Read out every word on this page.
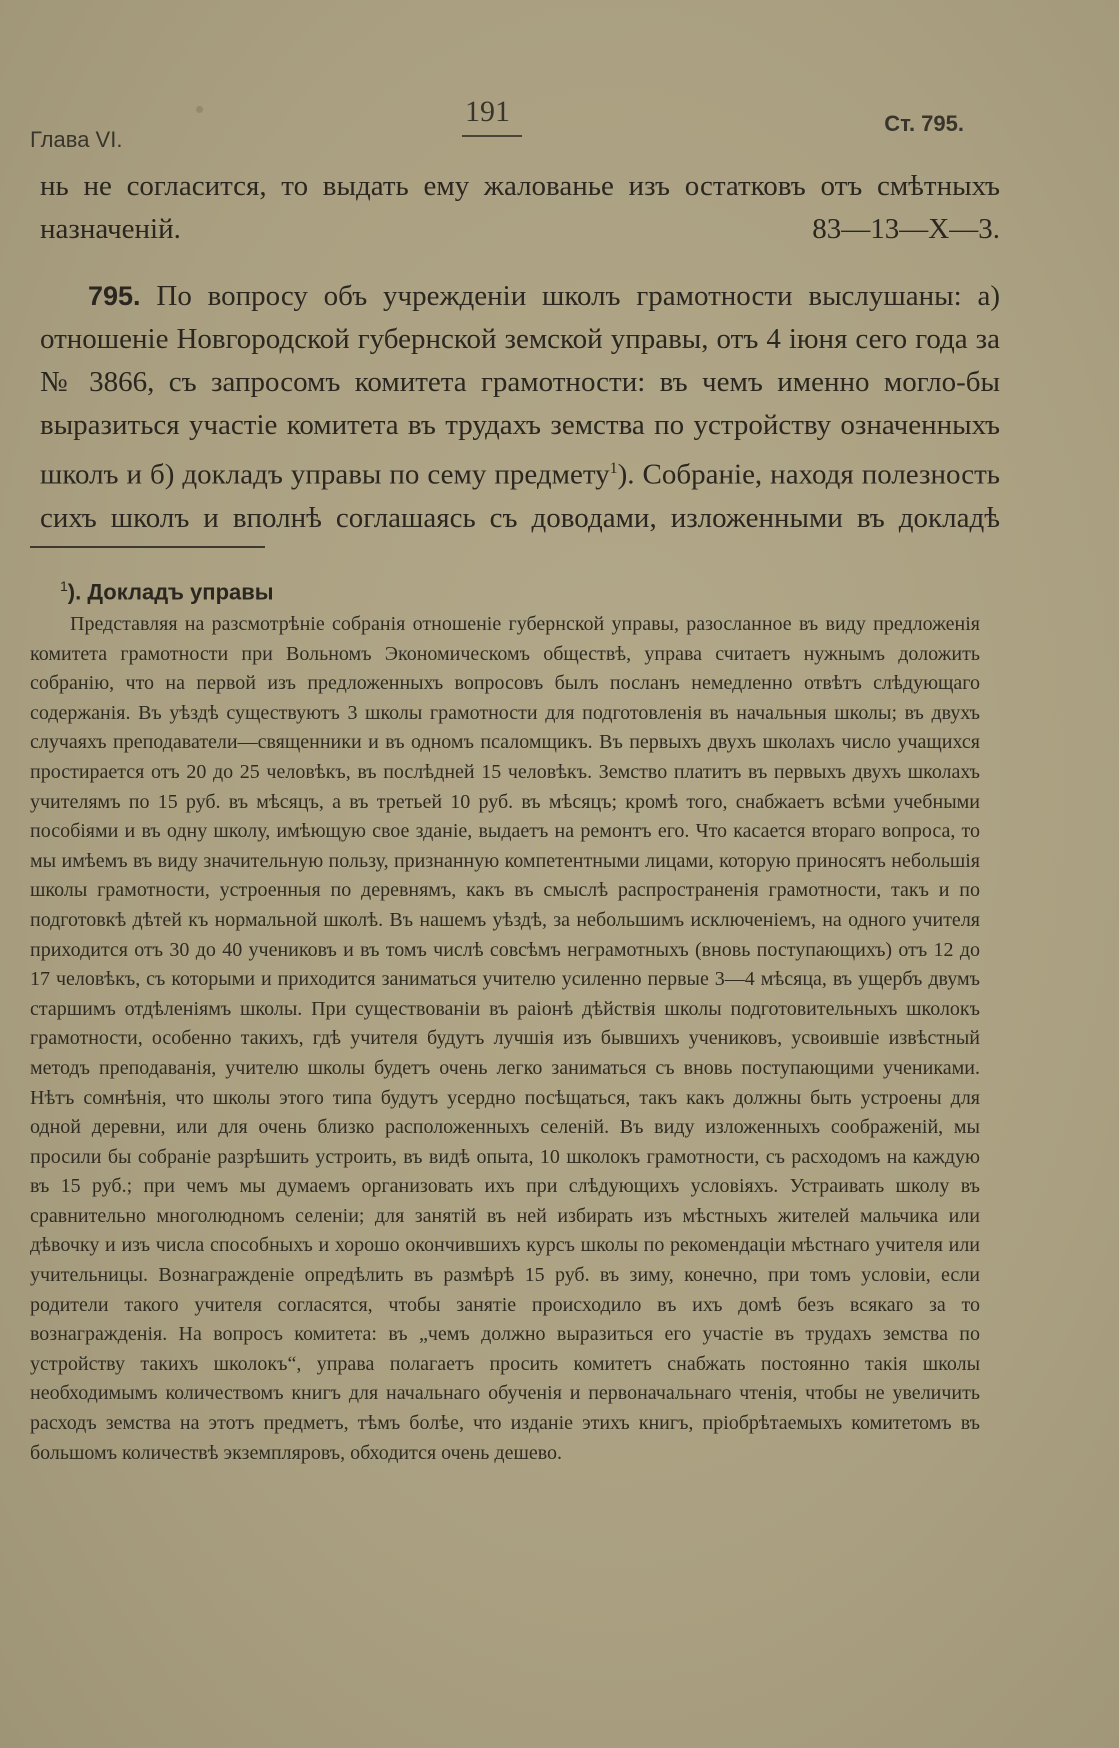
Глава VI.
191	Ст. 795.

нь не согласится, то выдать ему жалованье изъ остатковъ отъ смѣтныхъ

назначеній.	83—13—X—3.

795. По вопросу объ учрежденіи школъ грамотности выслушаны: а) отношеніе Новгородской губернской земской управы, отъ 4 іюня сего года за № 3866, съ запросомъ комитета грамотности: въ чемъ именно могло-бы выразиться участіе комитета въ трудахъ земства по устройству означенныхъ школъ и б) докладъ управы по сему предмету$^1$). Собраніе, находя полезность сихъ школъ и вполнѣ соглашаясь съ доводами, изложенными въ докладѣ

$^1$). Докладъ управы

Представляя на разсмотрѣніе собранія отношеніе губернской управы, разосланное въ виду предложенія комитета грамотности при Вольномъ Экономическомъ обществѣ, управа считаетъ нужнымъ доложить собранію, что на первой изъ предложенныхъ вопросовъ былъ посланъ немедленно отвѣтъ слѣдующаго содержанія. Въ уѣздѣ существуютъ 3 школы грамотности для подготовленія въ начальныя школы; въ двухъ случаяхъ преподаватели—священники и въ одномъ псаломщикъ. Въ первыхъ двухъ школахъ число учащихся простирается отъ 20 до 25 человѣкъ, въ послѣдней 15 человѣкъ. Земство платитъ въ первыхъ двухъ школахъ учителямъ по 15 руб. въ мѣсяцъ, а въ третьей 10 руб. въ мѣсяцъ; кромѣ того, снабжаетъ всѣми учебными пособіями и въ одну школу, имѣющую свое зданіе, выдаетъ на ремонтъ его. Что касается втораго вопроса, то мы имѣемъ въ виду значительную пользу, признанную компетентными лицами, которую приносятъ небольшія школы грамотности, устроенныя по деревнямъ, какъ въ смыслѣ распространенія грамотности, такъ и по подготовкѣ дѣтей къ нормальной школѣ. Въ нашемъ уѣздѣ, за небольшимъ исключеніемъ, на одного учителя приходится отъ 30 до 40 учениковъ и въ томъ числѣ совсѣмъ неграмотныхъ (вновь поступающихъ) отъ 12 до 17 человѣкъ, съ которыми и приходится заниматься учителю усиленно первые 3—4 мѣсяца, въ ущербъ двумъ старшимъ отдѣленіямъ школы. При существованіи въ раіонѣ дѣйствія школы подготовительныхъ школокъ грамотности, особенно такихъ, гдѣ учителя будутъ лучшія изъ бывшихъ учениковъ, усвоившіе извѣстный методъ преподаванія, учителю школы будетъ очень легко заниматься съ вновь поступающими учениками. Нѣтъ сомнѣнія, что школы этого типа будутъ усердно посѣщаться, такъ какъ должны быть устроены для одной деревни, или для очень близко расположенныхъ селеній. Въ виду изложенныхъ соображеній, мы просили бы собраніе разрѣшить устроить, въ видѣ опыта, 10 школокъ грамотности, съ расходомъ на каждую въ 15 руб.; при чемъ мы думаемъ организовать ихъ при слѣдующихъ условіяхъ. Устраивать школу въ сравнительно многолюдномъ селеніи; для занятій въ ней избирать изъ мѣстныхъ жителей мальчика или дѣвочку и изъ числа способныхъ и хорошо окончившихъ курсъ школы по рекомендаціи мѣстнаго учителя или учительницы. Вознагражденіе опредѣлить въ размѣрѣ 15 руб. въ зиму, конечно, при томъ условіи, если родители такого учителя согласятся, чтобы занятіе происходило въ ихъ домѣ безъ всякаго за то вознагражденія. На вопросъ комитета: въ „чемъ должно выразиться его участіе въ трудахъ земства по устройству такихъ школокъ“, управа полагаетъ просить комитетъ снабжать постоянно такія школы необходимымъ количествомъ книгъ для начальнаго обученія и первоначальнаго чтенія, чтобы не увеличить расходъ земства на этотъ предметъ, тѣмъ болѣе, что изданіе этихъ книгъ, пріобрѣтаемыхъ комитетомъ въ большомъ количествѣ экземпляровъ, обходится очень дешево.
